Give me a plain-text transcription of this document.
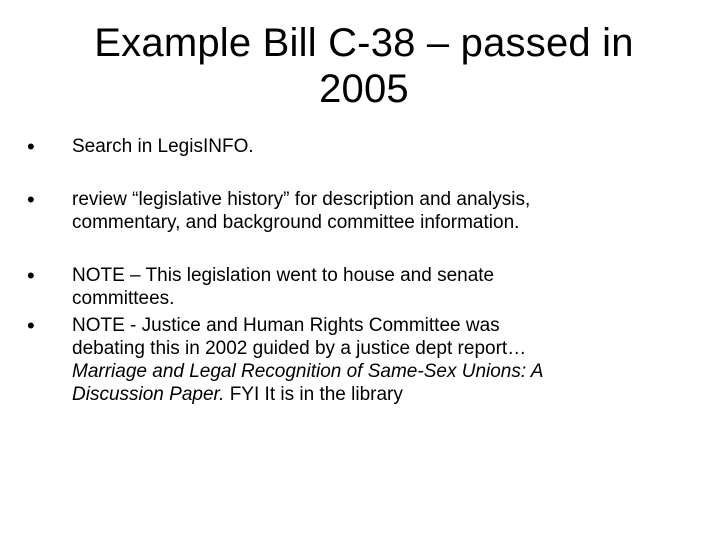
Example Bill C-38 – passed in
2005
•	Search in LegisINFO.
•	review “legislative history” for description and analysis,
commentary, and background committee information.
•	NOTE – This legislation went to house and senate
committees.
•	NOTE - Justice and Human Rights Committee was
debating this in 2002 guided by a justice dept report…
Marriage and Legal Recognition of Same-Sex Unions: A
Discussion Paper. FYI It is in the library
